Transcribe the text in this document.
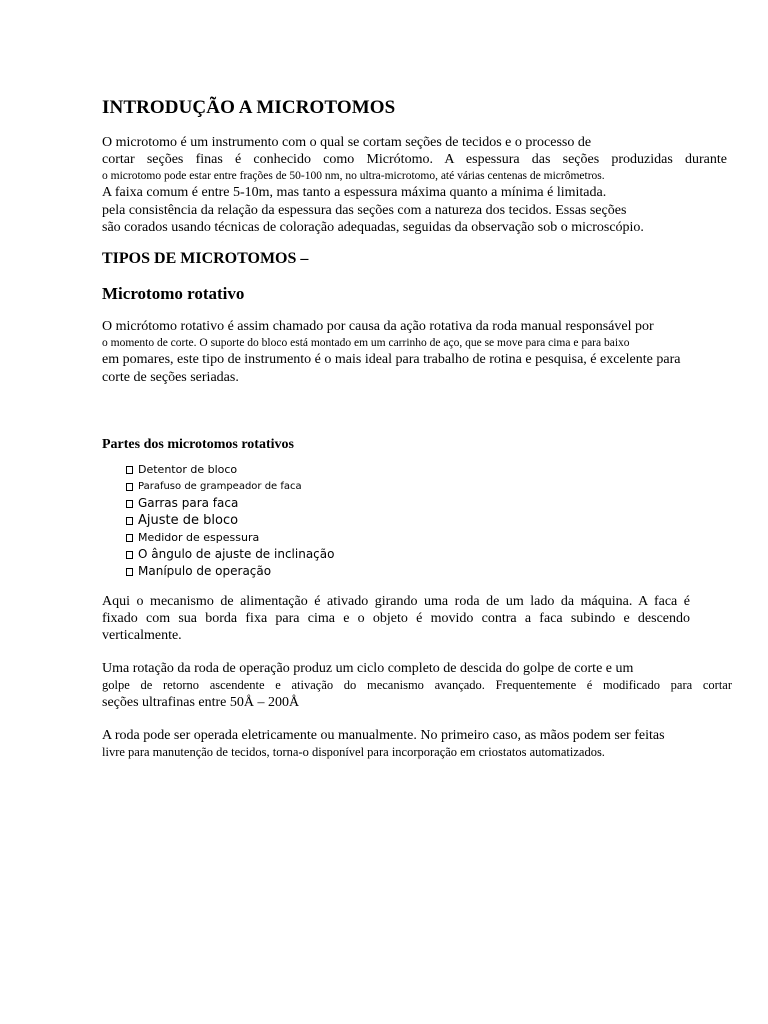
INTRODUÇÃO A MICROTOMOS
O microtomo é um instrumento com o qual se cortam seções de tecidos e o processo de
cortar seções finas é conhecido como Micrótomo. A espessura das seções produzidas durante
o microtomo pode estar entre frações de 50-100 nm, no ultra-microtomo, até várias centenas de micrômetros.
A faixa comum é entre 5-10m, mas tanto a espessura máxima quanto a mínima é limitada.
pela consistência da relação da espessura das seções com a natureza dos tecidos. Essas seções
são corados usando técnicas de coloração adequadas, seguidas da observação sob o microscópio.
TIPOS DE MICROTOMOS –
Microtomo rotativo
O micrótomo rotativo é assim chamado por causa da ação rotativa da roda manual responsável por
o momento de corte. O suporte do bloco está montado em um carrinho de aço, que se move para cima e para baixo
em pomares, este tipo de instrumento é o mais ideal para trabalho de rotina e pesquisa, é excelente para
corte de seções seriadas.
Partes dos microtomos rotativos
Detentor de bloco
Parafuso de grampeador de faca
Garras para faca
Ajuste de bloco
Medidor de espessura
O ângulo de ajuste de inclinação
Manípulo de operação
Aqui o mecanismo de alimentação é ativado girando uma roda de um lado da máquina. A faca é
fixado com sua borda fixa para cima e o objeto é movido contra a faca subindo e descendo
verticalmente.
Uma rotação da roda de operação produz um ciclo completo de descida do golpe de corte e um
golpe de retorno ascendente e ativação do mecanismo avançado. Frequentemente é modificado para cortar
seções ultrafinas entre 50Å – 200Å
A roda pode ser operada eletricamente ou manualmente. No primeiro caso, as mãos podem ser feitas
livre para manutenção de tecidos, torna-o disponível para incorporação em criostatos automatizados.
